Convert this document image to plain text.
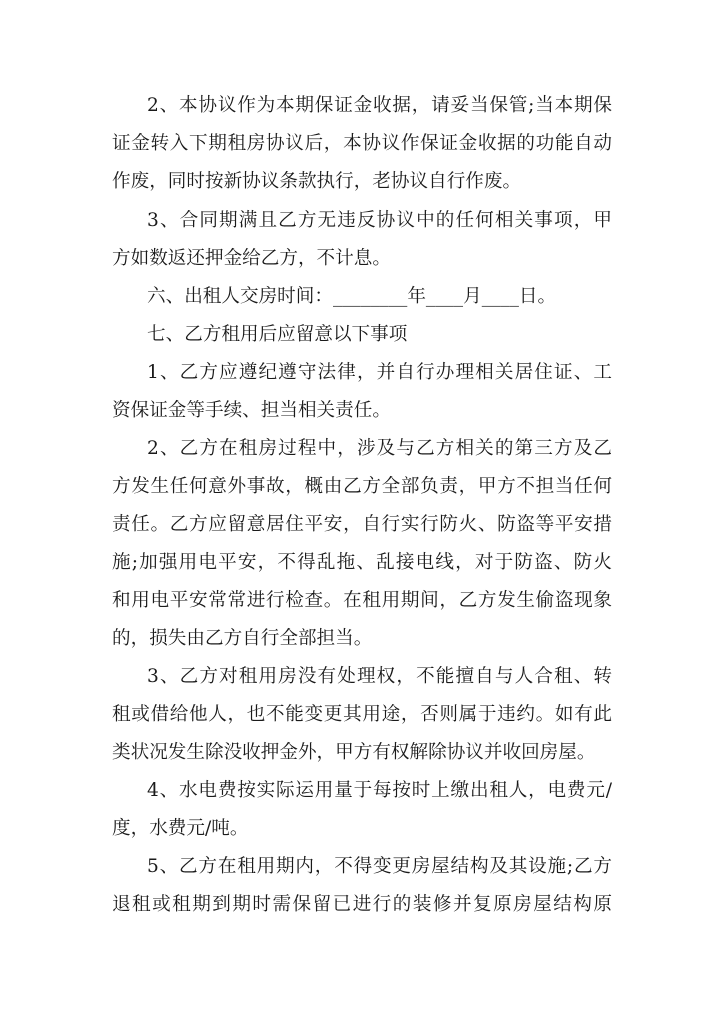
2、本协议作为本期保证金收据，请妥当保管;当本期保
证金转入下期租房协议后，本协议作保证金收据的功能自动
作废，同时按新协议条款执行，老协议自行作废。
3、合同期满且乙方无违反协议中的任何相关事项，甲
方如数返还押金给乙方，不计息。
六、出租人交房时间：________年____月____日。
七、乙方租用后应留意以下事项
1、乙方应遵纪遵守法律，并自行办理相关居住证、工
资保证金等手续、担当相关责任。
2、乙方在租房过程中，涉及与乙方相关的第三方及乙
方发生任何意外事故，概由乙方全部负责，甲方不担当任何
责任。乙方应留意居住平安，自行实行防火、防盗等平安措
施;加强用电平安，不得乱拖、乱接电线，对于防盗、防火
和用电平安常常进行检查。在租用期间，乙方发生偷盗现象
的，损失由乙方自行全部担当。
3、乙方对租用房没有处理权，不能擅自与人合租、转
租或借给他人，也不能变更其用途，否则属于违约。如有此
类状况发生除没收押金外，甲方有权解除协议并收回房屋。
4、水电费按实际运用量于每按时上缴出租人，电费元/
度，水费元/吨。
5、乙方在租用期内，不得变更房屋结构及其设施;乙方
退租或租期到期时需保留已进行的装修并复原房屋结构原
